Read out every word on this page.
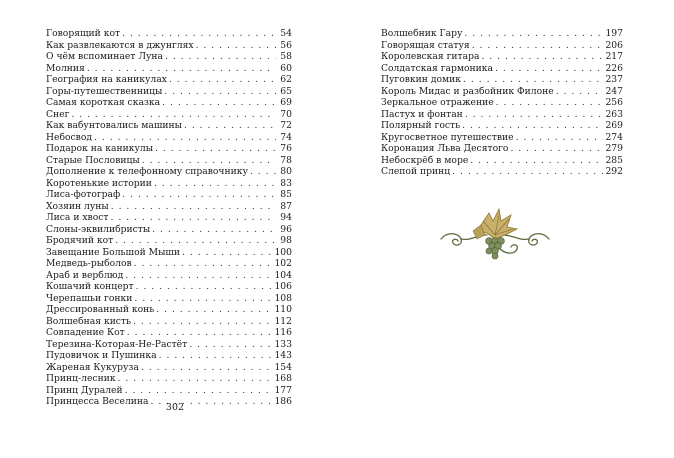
Говорящий кот . . .	54
Как развлекаются в джунглях . . .	56
О чём вспоминает Луна . . .	58
Молния . . .	60
География на каникулах . . .	62
Горы-путешественницы . . .	65
Самая короткая сказка . . .	69
Снег . . .	70
Как вабунтовались машины . . .	72
Небосвод . . .	74
Подарок на каникулы . . .	76
Старые Пословицы . . .	78
Дополнение к телефонному справочнику . . .	80
Коротенькие истории . . .	83
Лиса-фотограф . . .	85
Хозяин луны . . .	87
Лиса и хвост . . .	94
Слоны-эквилибристы . . .	96
Бродячий кот . . .	98
Завещание Большой Мыши . . .	100
Медведь-рыболов . . .	102
Араб и верблюд . . .	104
Кошачий концерт . . .	106
Черепашьи гонки . . .	108
Дрессированный конь . . .	110
Волшебная кисть . . .	112
Совпадение Кот . . .	116
Терезина-Которая-Не-Растёт . . .	133
Пудовичок и Пушинка . . .	143
Жареная Кукуруза . . .	154
Принц-лесник . . .	168
Принц Дуралей . . .	177
Принцесса Веселина . . .	186
302
Волшебник Гару . . .	197
Говорящая статуя . . .	206
Королевская гитара . . .	217
Солдатская гармоника . . .	226
Пуговкин домик . . .	237
Король Мидас и разбойник Филоне . . .	247
Зеркальное отражение . . .	256
Пастух и фонтан . . .	263
Полярный гость . . .	269
Кругосветное путешествие . . .	274
Коронация Льва Десятого . . .	279
Небоскрёб в море . . .	285
Слепой принц . . .	292
